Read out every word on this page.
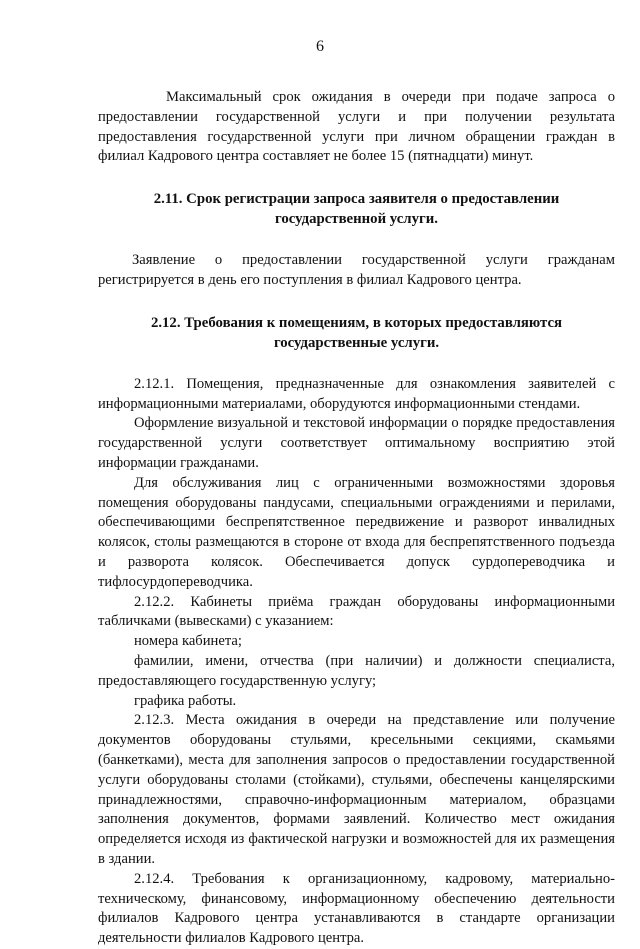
6

Максимальный срок ожидания в очереди при подаче запроса о предоставлении государственной услуги и при получении результата предоставления государственной услуги при личном обращении граждан в филиал Кадрового центра составляет не более 15 (пятнадцати) минут.

2.11. Срок регистрации запроса заявителя о предоставлении государственной услуги.

Заявление о предоставлении государственной услуги гражданам регистрируется в день его поступления в филиал Кадрового центра.

2.12. Требования к помещениям, в которых предоставляются государственные услуги.

2.12.1. Помещения, предназначенные для ознакомления заявителей с информационными материалами, оборудуются информационными стендами.

Оформление визуальной и текстовой информации о порядке предоставления государственной услуги соответствует оптимальному восприятию этой информации гражданами.

Для обслуживания лиц с ограниченными возможностями здоровья помещения оборудованы пандусами, специальными ограждениями и перилами, обеспечивающими беспрепятственное передвижение и разворот инвалидных колясок, столы размещаются в стороне от входа для беспрепятственного подъезда и разворота колясок. Обеспечивается допуск сурдопереводчика и тифлосурдопереводчика.

2.12.2. Кабинеты приёма граждан оборудованы информационными табличками (вывесками) с указанием:

номера кабинета;

фамилии, имени, отчества (при наличии) и должности специалиста, предоставляющего государственную услугу;

графика работы.

2.12.3. Места ожидания в очереди на представление или получение документов оборудованы стульями, кресельными секциями, скамьями (банкетками), места для заполнения запросов о предоставлении государственной услуги оборудованы столами (стойками), стульями, обеспечены канцелярскими принадлежностями, справочно-информационным материалом, образцами заполнения документов, формами заявлений. Количество мест ожидания определяется исходя из фактической нагрузки и возможностей для их размещения в здании.

2.12.4. Требования к организационному, кадровому, материально-техническому, финансовому, информационному обеспечению деятельности филиалов Кадрового центра устанавливаются в стандарте организации деятельности филиалов Кадрового центра.
